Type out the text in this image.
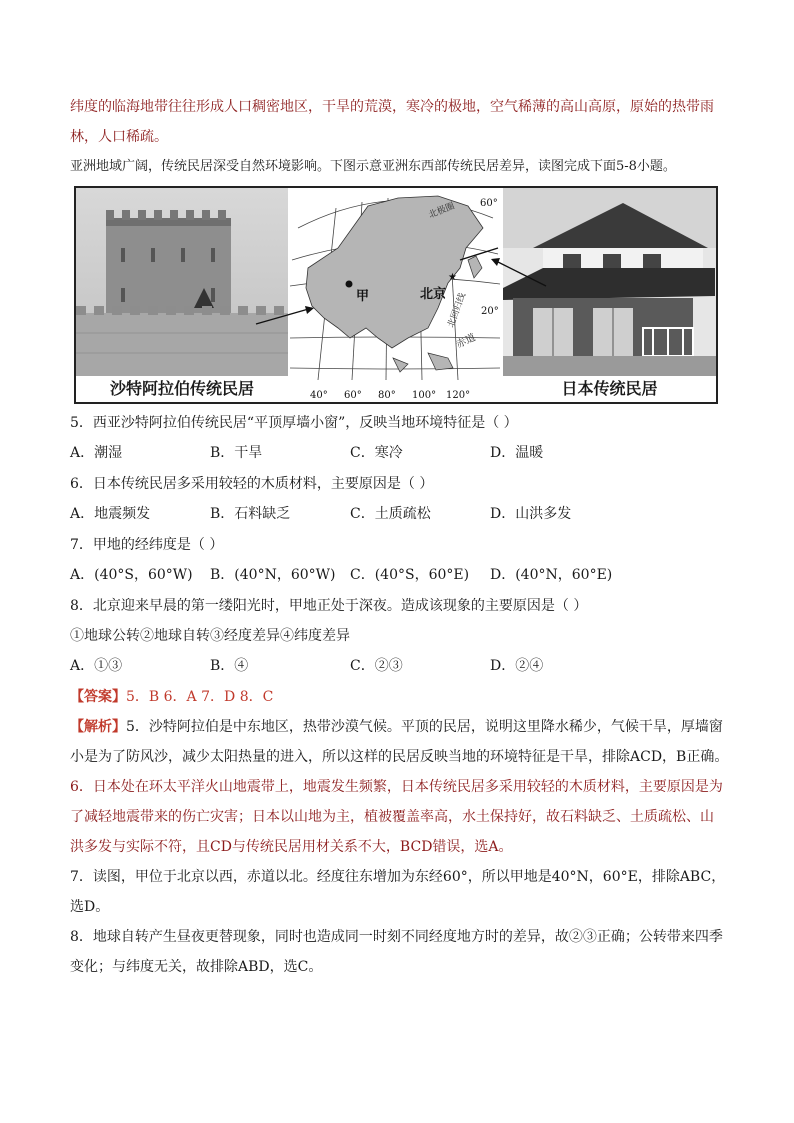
纬度的临海地带往往形成人口稠密地区，干旱的荒漠，寒冷的极地，空气稀薄的高山高原，原始的热带雨
林，人口稀疏。
亚洲地域广阔，传统民居深受自然环境影响。下图示意亚洲东西部传统民居差异，读图完成下面5-8小题。
甲
★
北京
北极圈 60°
北回归线 20°
赤道
40° 60° 80° 100° 120°
沙特阿拉伯传统民居	日本传统民居
5．西亚沙特阿拉伯传统民居“平顶厚墙小窗”，反映当地环境特征是（ ）
A．潮湿	B．干旱	C．寒冷	D．温暖
6．日本传统民居多采用较轻的木质材料，主要原因是（ ）
A．地震频发	B．石料缺乏	C．土质疏松	D．山洪多发
7．甲地的经纬度是（ ）
A．(40°S，60°W)	B．(40°N，60°W)	C．(40°S，60°E)	D．(40°N，60°E)
8．北京迎来早晨的第一缕阳光时，甲地正处于深夜。造成该现象的主要原因是（ ）
①地球公转②地球自转③经度差异④纬度差异
A．①③	B．④	C．②③	D．②④
【答案】5．B 6．A 7．D 8．C
【解析】5．沙特阿拉伯是中东地区，热带沙漠气候。平顶的民居，说明这里降水稀少，气候干旱，厚墙窗
小是为了防风沙，减少太阳热量的进入，所以这样的民居反映当地的环境特征是干旱，排除ACD，B正确。
6．日本处在环太平洋火山地震带上，地震发生频繁，日本传统民居多采用较轻的木质材料，主要原因是为
了减轻地震带来的伤亡灾害；日本以山地为主，植被覆盖率高，水土保持好，故石料缺乏、土质疏松、山
洪多发与实际不符，且CD与传统民居用材关系不大，BCD错误，选A。
7．读图，甲位于北京以西，赤道以北。经度往东增加为东经60°，所以甲地是40°N，60°E，排除ABC，
选D。
8．地球自转产生昼夜更替现象，同时也造成同一时刻不同经度地方时的差异，故②③正确；公转带来四季
变化；与纬度无关，故排除ABD，选C。
